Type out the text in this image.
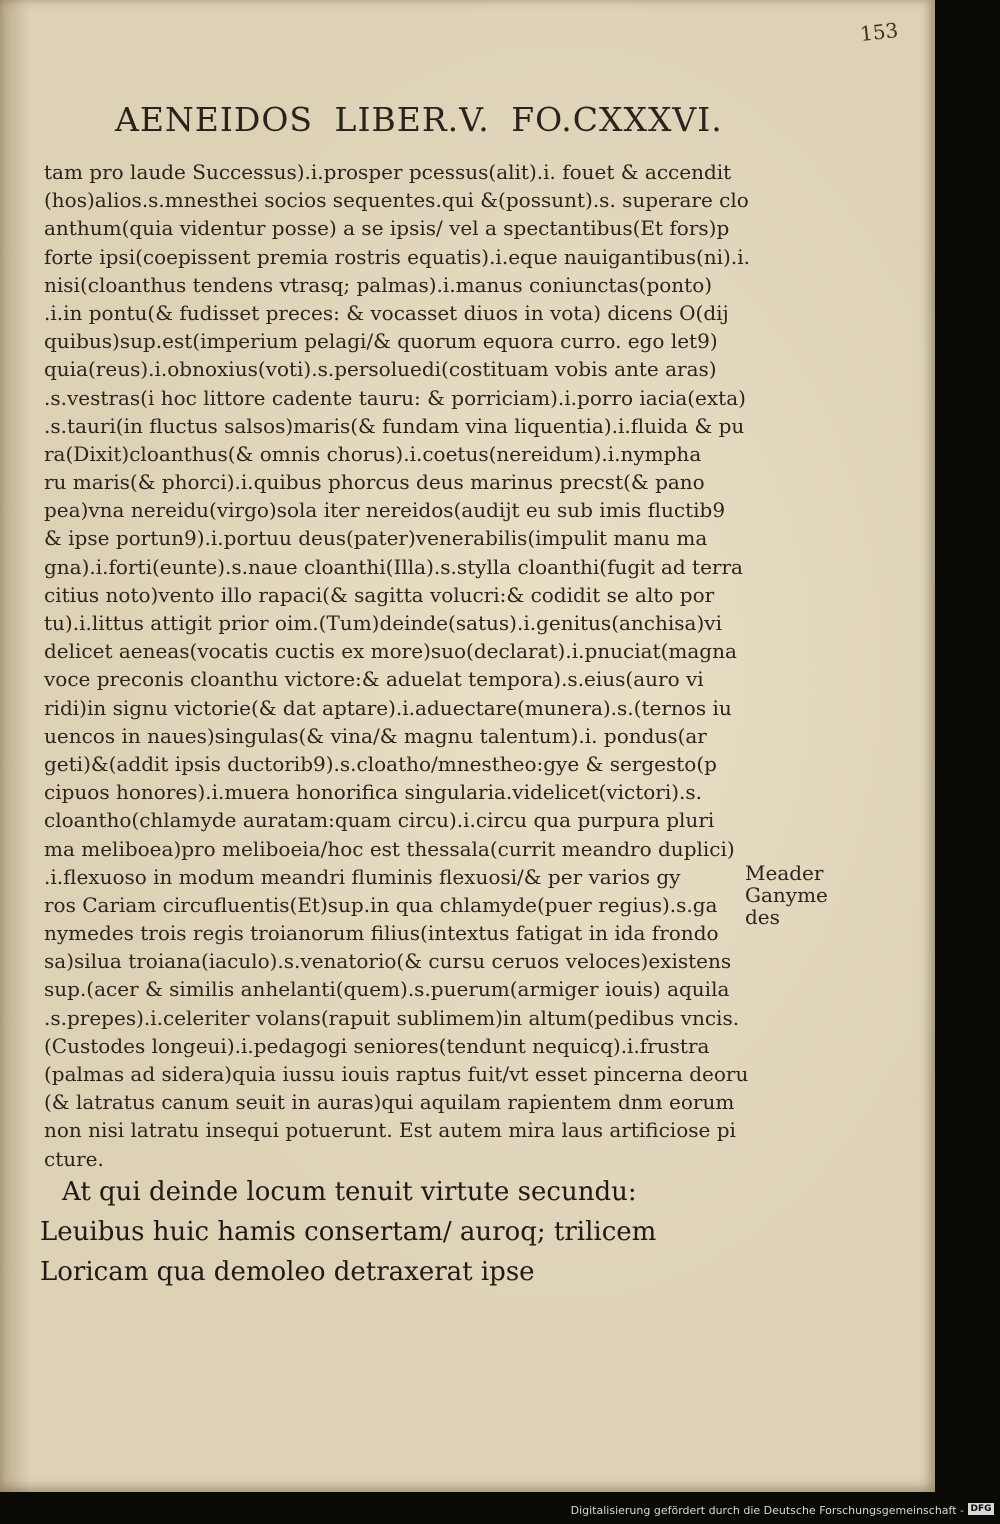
153
AENEIDOS LIBER.V. FO.CXXXVI.
tam pro laude Successus).i.prosper pcessus(alit).i. fouet & accendit
(hos)alios.s.mnesthei socios sequentes.qui &(possunt).s. superare clo
anthum(quia videntur posse) a se ipsis/ vel a spectantibus(Et fors)p
forte ipsi(coepissent premia rostris equatis).i.eque nauigantibus(ni).i.
nisi(cloanthus tendens vtrasq; palmas).i.manus coniunctas(ponto)
.i.in pontu(& fudisset preces: & vocasset diuos in vota) dicens O(dij
quibus)sup.est(imperium pelagi/& quorum equora curro. ego let9)
quia(reus).i.obnoxius(voti).s.persoluedi(costituam vobis ante aras)
.s.vestras(i hoc littore cadente tauru: & porriciam).i.porro iacia(exta)
.s.tauri(in fluctus salsos)maris(& fundam vina liquentia).i.fluida & pu
ra(Dixit)cloanthus(& omnis chorus).i.coetus(nereidum).i.nympha
ru maris(& phorci).i.quibus phorcus deus marinus precst(& pano
pea)vna nereidu(virgo)sola iter nereidos(audijt eu sub imis fluctib9
& ipse portun9).i.portuu deus(pater)venerabilis(impulit manu ma
gna).i.forti(eunte).s.naue cloanthi(Illa).s.stylla cloanthi(fugit ad terra
citius noto)vento illo rapaci(& sagitta volucri:& codidit se alto por
tu).i.littus attigit prior oim.(Tum)deinde(satus).i.genitus(anchisa)vi
delicet aeneas(vocatis cuctis ex more)suo(declarat).i.pnuciat(magna
voce preconis cloanthu victore:& aduelat tempora).s.eius(auro vi
ridi)in signu victorie(& dat aptare).i.aduectare(munera).s.(ternos iu
uencos in naues)singulas(& vina/& magnu talentum).i. pondus(ar
geti)&(addit ipsis ductorib9).s.cloatho/mnestheo:gye & sergesto(p
cipuos honores).i.muera honorifica singularia.videlicet(victori).s.
cloantho(chlamyde auratam:quam circu).i.circu qua purpura pluri
ma meliboea)pro meliboeia/hoc est thessala(currit meandro duplici)
.i.flexuoso in modum meandri fluminis flexuosi/& per varios gy
ros Cariam circufluentis(Et)sup.in qua chlamyde(puer regius).s.ga
nymedes trois regis troianorum filius(intextus fatigat in ida frondo
sa)silua troiana(iaculo).s.venatorio(& cursu ceruos veloces)existens
sup.(acer & similis anhelanti(quem).s.puerum(armiger iouis) aquila
.s.prepes).i.celeriter volans(rapuit sublimem)in altum(pedibus vncis.
(Custodes longeui).i.pedagogi seniores(tendunt nequicq).i.frustra
(palmas ad sidera)quia iussu iouis raptus fuit/vt esset pincerna deoru
(& latratus canum seuit in auras)qui aquilam rapientem dnm eorum
non nisi latratu insequi potuerunt. Est autem mira laus artificiose pi
cture.
Meader
Ganyme
des
At qui deinde locum tenuit virtute secundu:
Leuibus huic hamis consertam/ auroq; trilicem
Loricam qua demoleo detraxerat ipse
Digitalisierung gefördert durch die Deutsche Forschungsgemeinschaft - DFG
